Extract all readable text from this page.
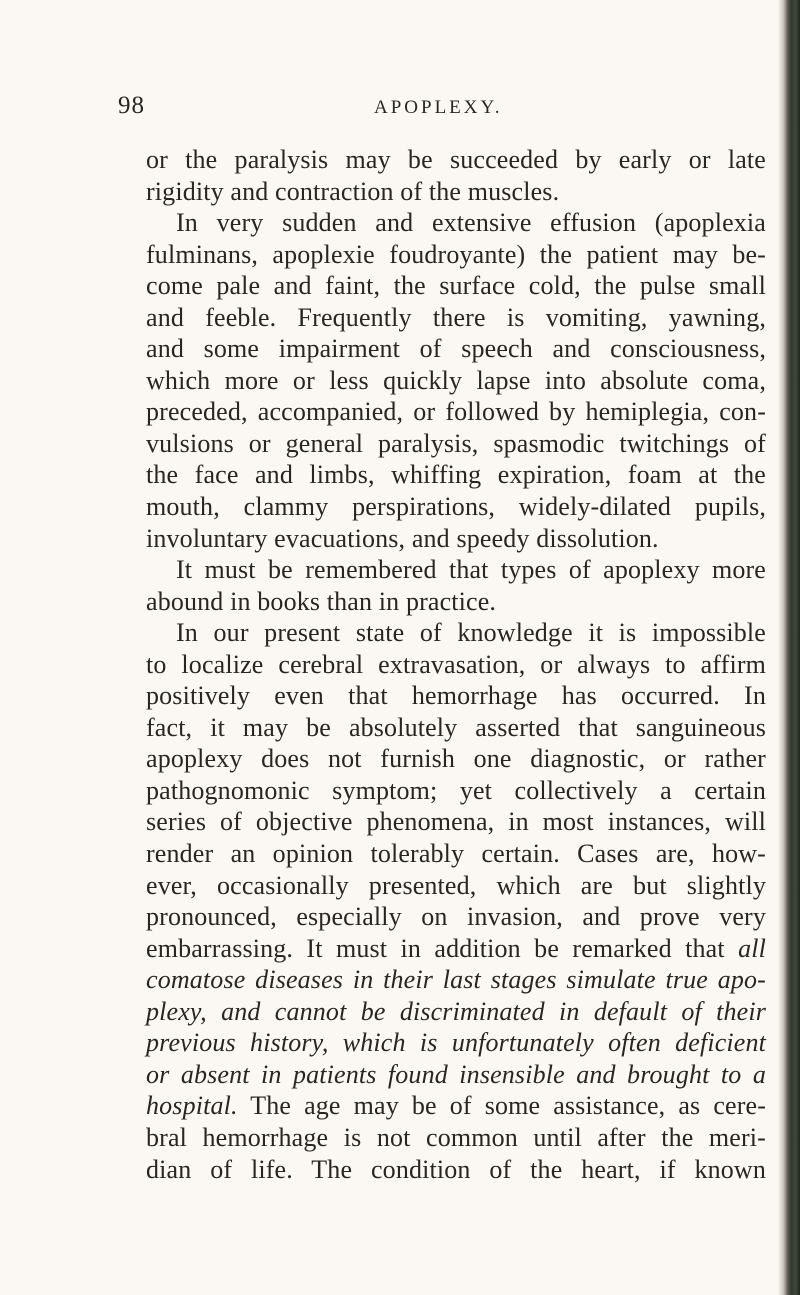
98	APOPLEXY.
or the paralysis may be succeeded by early or late
rigidity and contraction of the muscles.
In very sudden and extensive effusion (apoplexia
fulminans, apoplexie foudroyante) the patient may be-
come pale and faint, the surface cold, the pulse small
and feeble. Frequently there is vomiting, yawning,
and some impairment of speech and consciousness,
which more or less quickly lapse into absolute coma,
preceded, accompanied, or followed by hemiplegia, con-
vulsions or general paralysis, spasmodic twitchings of
the face and limbs, whiffing expiration, foam at the
mouth, clammy perspirations, widely-dilated pupils,
involuntary evacuations, and speedy dissolution.
It must be remembered that types of apoplexy more
abound in books than in practice.
In our present state of knowledge it is impossible
to localize cerebral extravasation, or always to affirm
positively even that hemorrhage has occurred. In
fact, it may be absolutely asserted that sanguineous
apoplexy does not furnish one diagnostic, or rather
pathognomonic symptom; yet collectively a certain
series of objective phenomena, in most instances, will
render an opinion tolerably certain. Cases are, how-
ever, occasionally presented, which are but slightly
pronounced, especially on invasion, and prove very
embarrassing. It must in addition be remarked that all
comatose diseases in their last stages simulate true apo-
plexy, and cannot be discriminated in default of their
previous history, which is unfortunately often deficient
or absent in patients found insensible and brought to a
hospital. The age may be of some assistance, as cere-
bral hemorrhage is not common until after the meri-
dian of life. The condition of the heart, if known
